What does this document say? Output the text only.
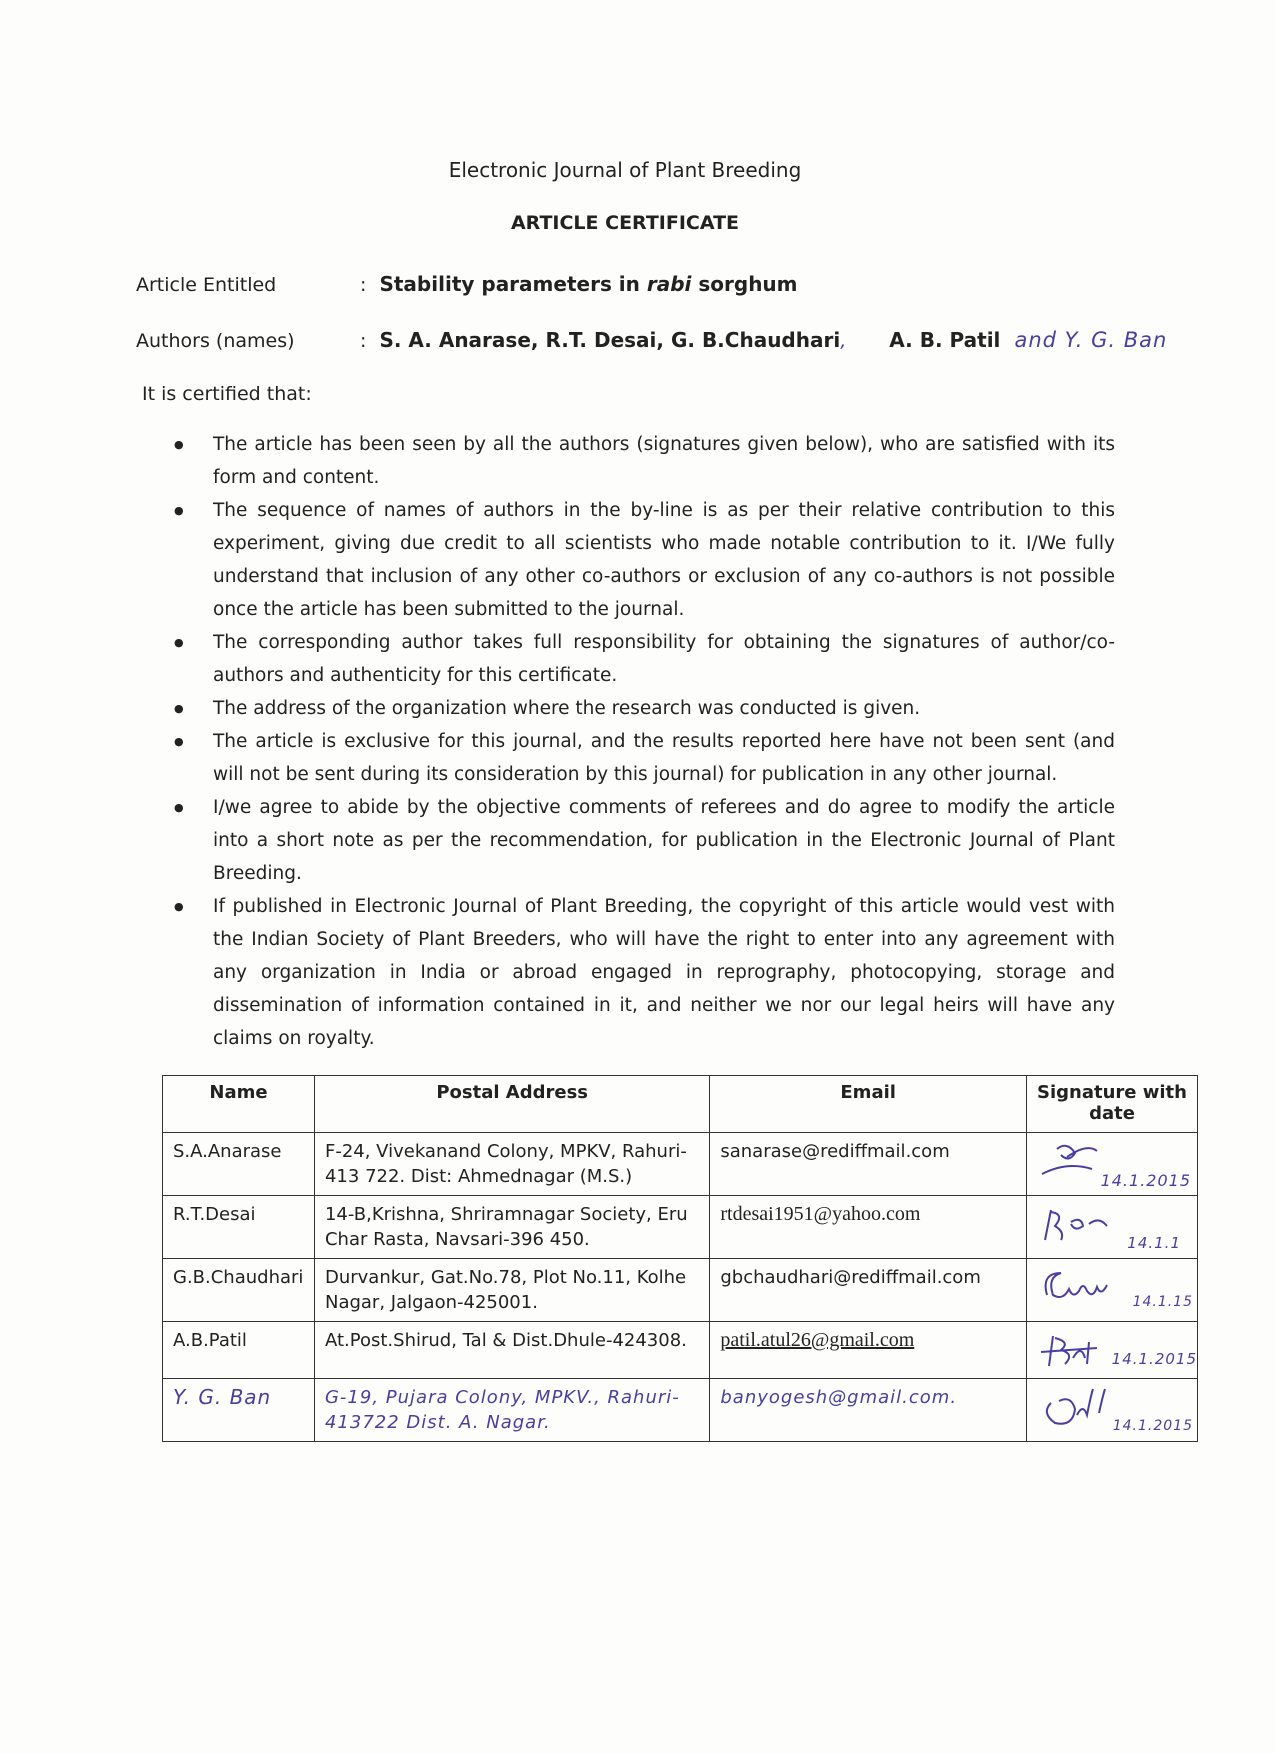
Electronic Journal of Plant Breeding
ARTICLE CERTIFICATE
Article Entitled	: Stability parameters in rabi sorghum
Authors (names)	: S. A. Anarase, R.T. Desai, G. B.Chaudhari, A. B. Patil and Y. G. Ban
It is certified that:
● The article has been seen by all the authors (signatures given below), who are satisfied with its form and content.
● The sequence of names of authors in the by-line is as per their relative contribution to this experiment, giving due credit to all scientists who made notable contribution to it. I/We fully understand that inclusion of any other co-authors or exclusion of any co-authors is not possible once the article has been submitted to the journal.
● The corresponding author takes full responsibility for obtaining the signatures of author/co-authors and authenticity for this certificate.
● The address of the organization where the research was conducted is given.
● The article is exclusive for this journal, and the results reported here have not been sent (and will not be sent during its consideration by this journal) for publication in any other journal.
● I/we agree to abide by the objective comments of referees and do agree to modify the article into a short note as per the recommendation, for publication in the Electronic Journal of Plant Breeding.
● If published in Electronic Journal of Plant Breeding, the copyright of this article would vest with the Indian Society of Plant Breeders, who will have the right to enter into any agreement with any organization in India or abroad engaged in reprography, photocopying, storage and dissemination of information contained in it, and neither we nor our legal heirs will have any claims on royalty.
Name	Postal Address	Email	Signature with date
S.A.Anarase	F-24, Vivekanand Colony, MPKV, Rahuri-413 722. Dist: Ahmednagar (M.S.)	sanarase@rediffmail.com	14.1.2015

R.T.Desai	14-B,Krishna, Shriramnagar Society, Eru Char Rasta, Navsari-396 450.	rtdesai1951@yahoo.com	14.1.1

G.B.Chaudhari	Durvankur, Gat.No.78, Plot No.11, Kolhe Nagar, Jalgaon-425001.	gbchaudhari@rediffmail.com	14.1.15

A.B.Patil	At.Post.Shirud, Tal & Dist.Dhule-424308.	patil.atul26@gmail.com	14.1.2015

Y. G. Ban	G-19, Pujara Colony, MPKV., Rahuri-413722 Dist. A. Nagar.	banyogesh@gmail.com.	14.1.2015
